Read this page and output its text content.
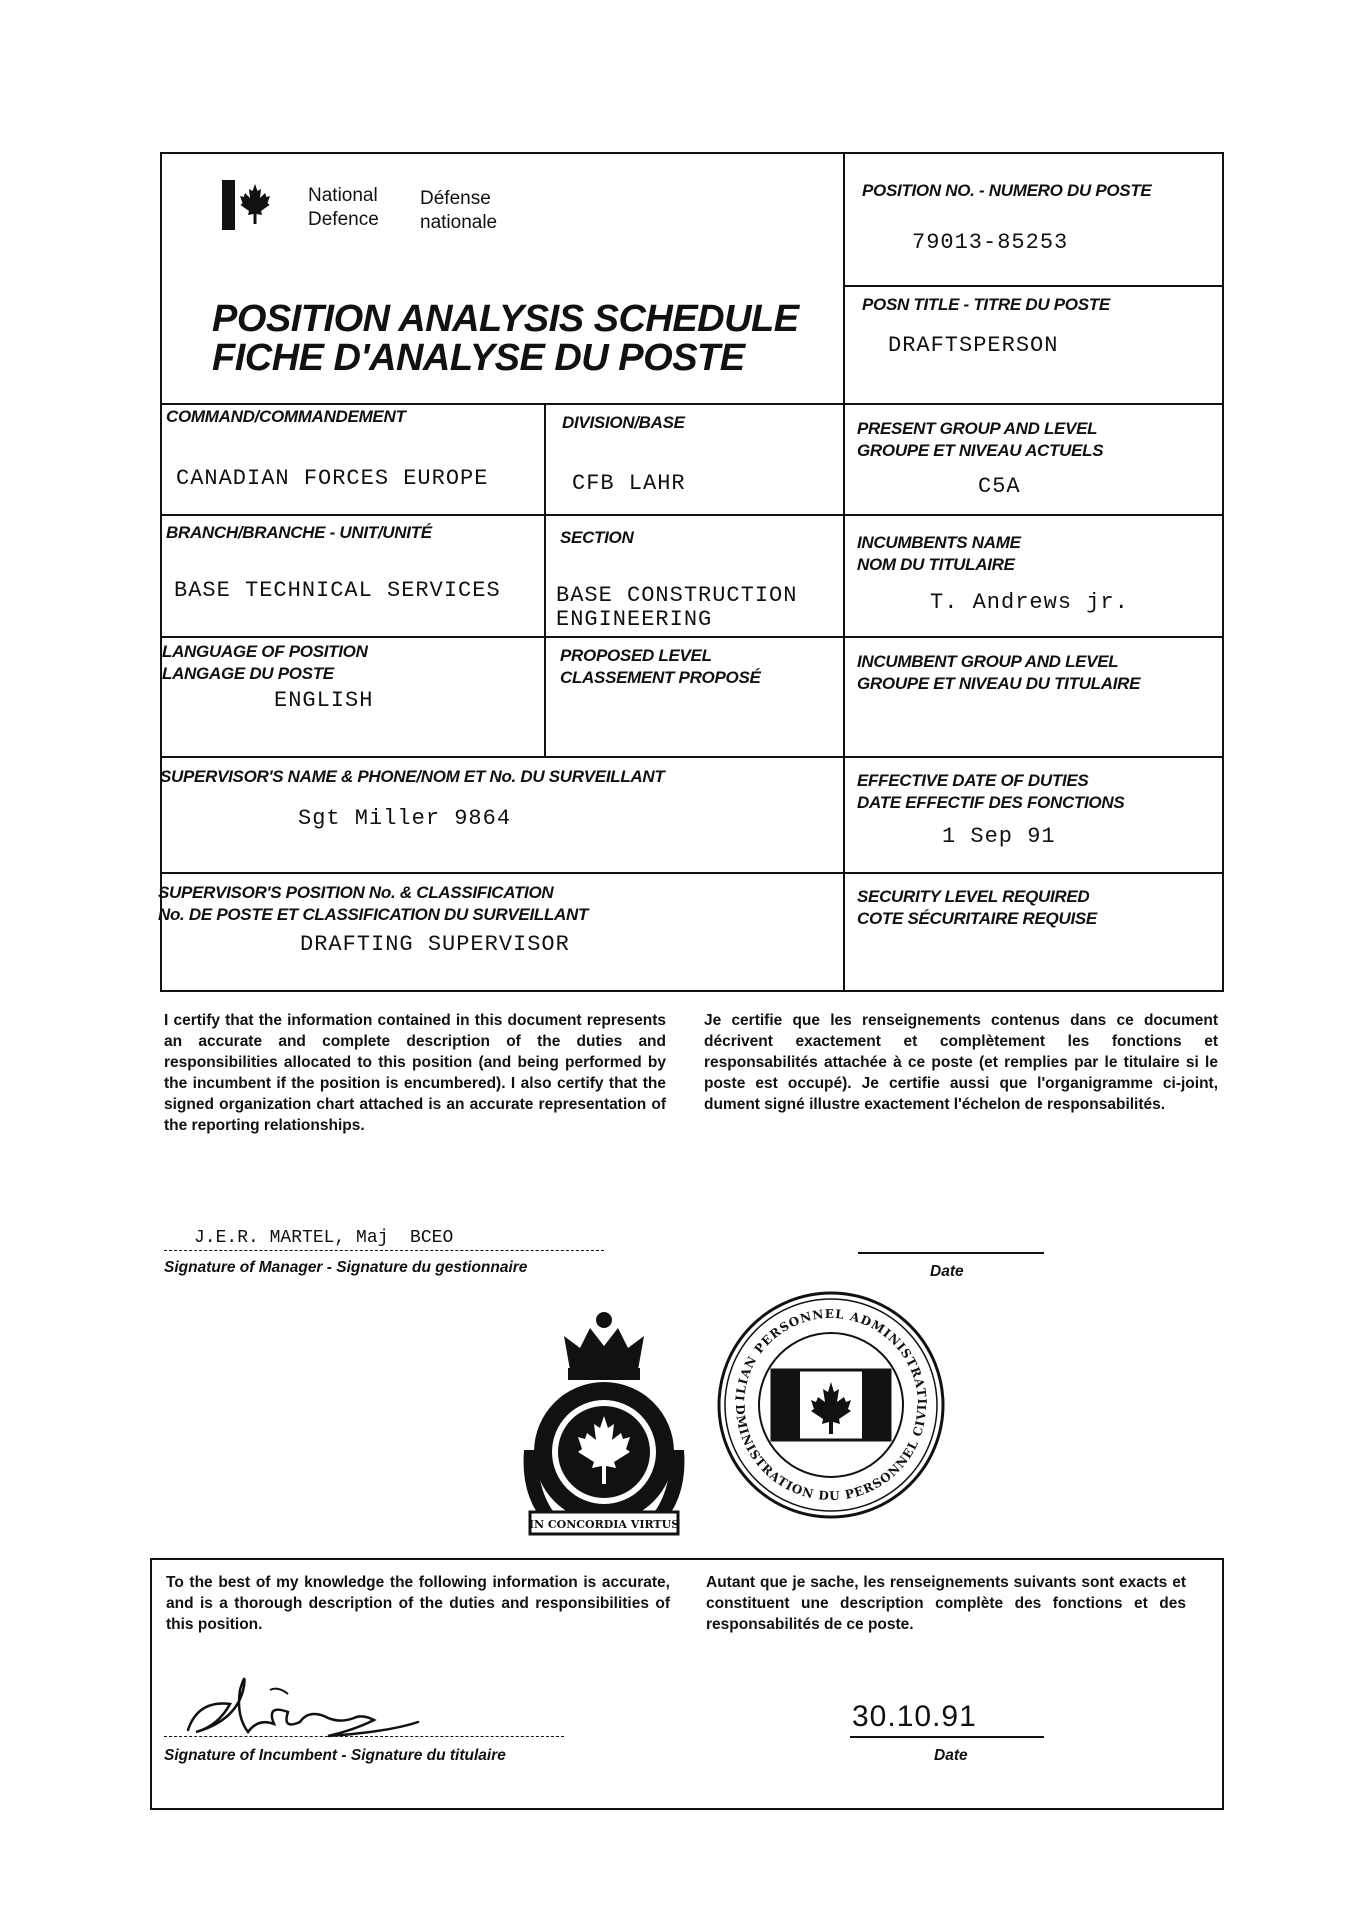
National
Defence
Défense
nationale
POSITION ANALYSIS SCHEDULE
FICHE D'ANALYSE DU POSTE
POSITION NO. - NUMERO DU POSTE
79013-85253
POSN TITLE - TITRE DU POSTE
DRAFTSPERSON
COMMAND/COMMANDEMENT
CANADIAN FORCES EUROPE
DIVISION/BASE
CFB LAHR
PRESENT GROUP AND LEVEL
GROUPE ET NIVEAU ACTUELS
C5A
BRANCH/BRANCHE - UNIT/UNITÉ
BASE TECHNICAL SERVICES
SECTION
BASE CONSTRUCTION
ENGINEERING
INCUMBENTS NAME
NOM DU TITULAIRE
T. Andrews jr.
LANGUAGE OF POSITION
LANGAGE DU POSTE
ENGLISH
PROPOSED LEVEL
CLASSEMENT PROPOSÉ
INCUMBENT GROUP AND LEVEL
GROUPE ET NIVEAU DU TITULAIRE
SUPERVISOR'S NAME & PHONE/NOM ET No. DU SURVEILLANT
Sgt Miller 9864
EFFECTIVE DATE OF DUTIES
DATE EFFECTIF DES FONCTIONS
1 Sep 91
SUPERVISOR'S POSITION No. & CLASSIFICATION
No. DE POSTE ET CLASSIFICATION DU SURVEILLANT
DRAFTING SUPERVISOR
SECURITY LEVEL REQUIRED
COTE SÉCURITAIRE REQUISE
I certify that the information contained in this document represents an accurate and complete description of the duties and responsibilities allocated to this position (and being performed by the incumbent if the position is encumbered). I also certify that the signed organization chart attached is an accurate representation of the reporting relationships.
Je certifie que les renseignements contenus dans ce document décrivent exactement et complètement les fonctions et responsabilités attachée à ce poste (et remplies par le titulaire si le poste est occupé). Je certifie aussi que l'organigramme ci-joint, dument signé illustre exactement l'échelon de responsabilités.
J.E.R. MARTEL, Maj  BCEO
Signature of Manager - Signature du gestionnaire	Date
IN CONCORDIA VIRTUS
ILIAN PERSONNEL ADMINISTRATI
DMINISTRATION DU PERSONNEL CIVI
To the best of my knowledge the following information is accurate, and is a thorough description of the duties and responsibilities of this position.
Autant que je sache, les renseignements suivants sont exacts et constituent une description complète des fonctions et des responsabilités de ce poste.
Signature of Incumbent - Signature du titulaire
30.10.91
Date
